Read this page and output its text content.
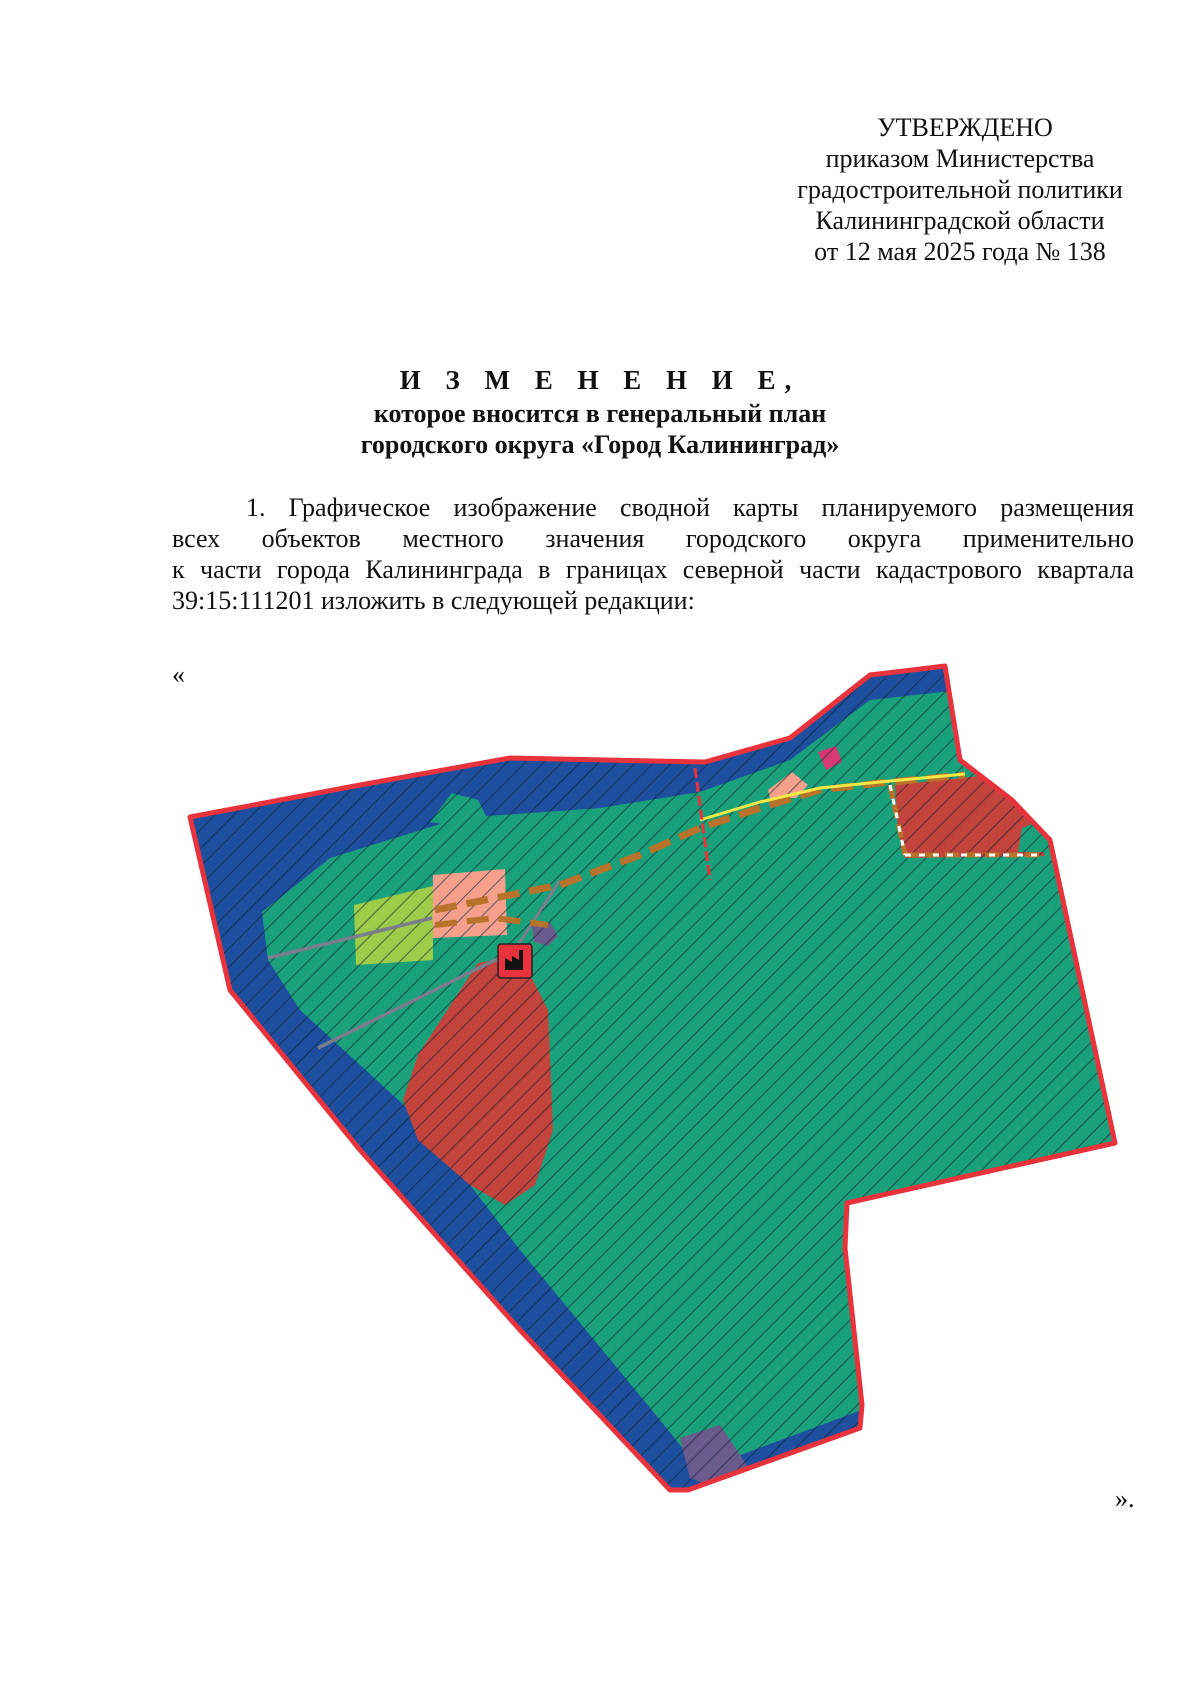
УТВЕРЖДЕНО
приказом Министерства
градостроительной политики
Калининградской области
от 12 мая 2025 года № 138
И З М Е Н Е Н И Е,
которое вносится в генеральный план
городского округа «Город Калининград»
1. Графическое изображение сводной карты планируемого размещения
всех объектов местного значения городского округа применительно
к части города Калининграда в границах северной части кадастрового квартала
39:15:111201 изложить в следующей редакции:
«
».
